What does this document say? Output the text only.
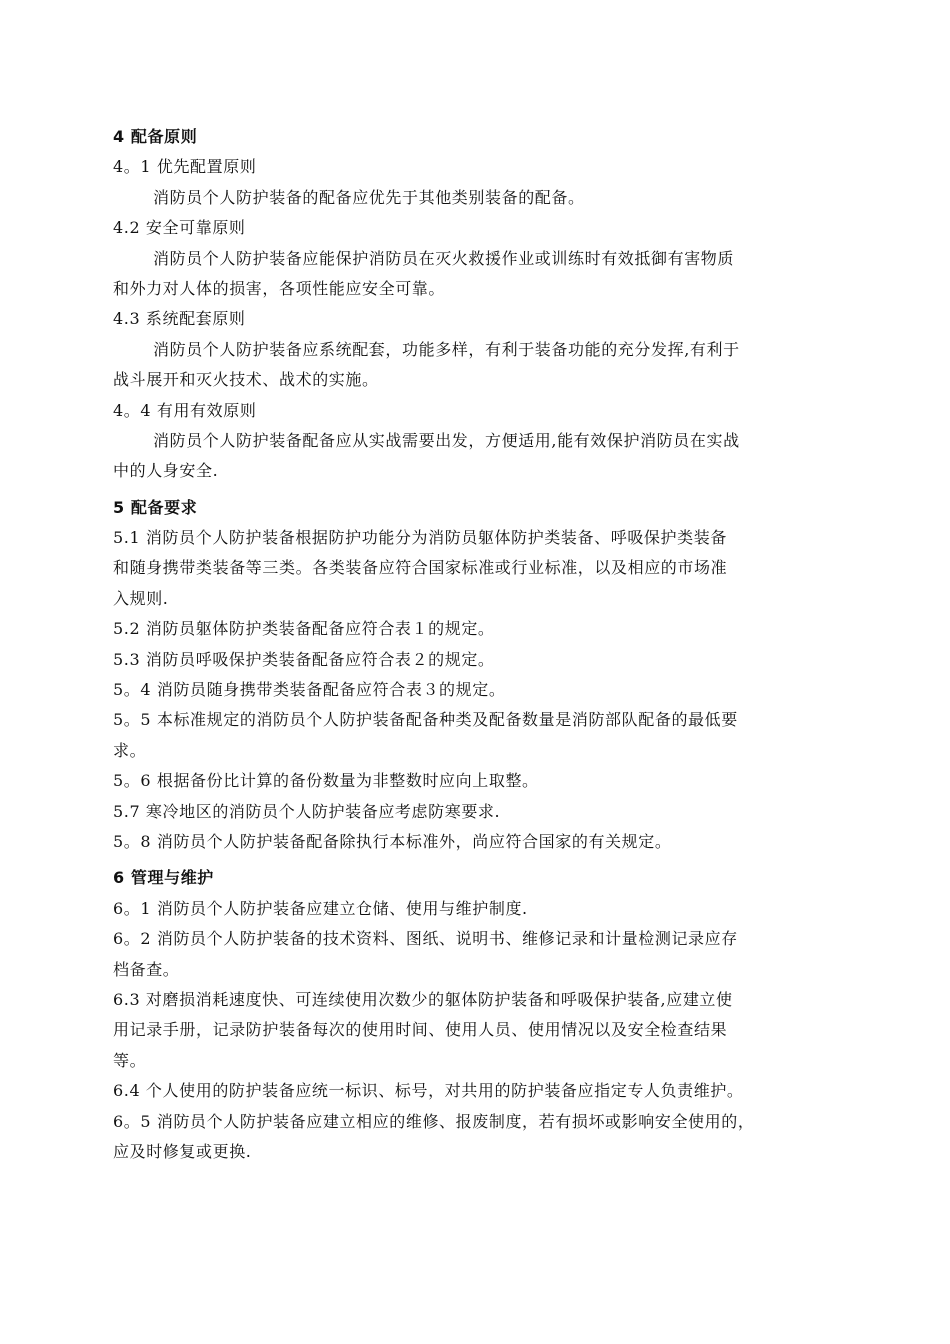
4 配备原则
4。1 优先配置原则
消防员个人防护装备的配备应优先于其他类别装备的配备。
4.2 安全可靠原则
消防员个人防护装备应能保护消防员在灭火救援作业或训练时有效抵御有害物质
和外力对人体的损害，各项性能应安全可靠。
4.3 系统配套原则
消防员个人防护装备应系统配套，功能多样，有利于装备功能的充分发挥,有利于
战斗展开和灭火技术、战术的实施。
4。4 有用有效原则
消防员个人防护装备配备应从实战需要出发，方便适用,能有效保护消防员在实战
中的人身安全.
5 配备要求
5.1 消防员个人防护装备根据防护功能分为消防员躯体防护类装备、呼吸保护类装备
和随身携带类装备等三类。各类装备应符合国家标准或行业标准，以及相应的市场准
入规则.
5.2 消防员躯体防护类装备配备应符合表１的规定。
5.3 消防员呼吸保护类装备配备应符合表２的规定。
5。4 消防员随身携带类装备配备应符合表３的规定。
5。5 本标准规定的消防员个人防护装备配备种类及配备数量是消防部队配备的最低要
求。
5。6 根据备份比计算的备份数量为非整数时应向上取整。
5.7 寒冷地区的消防员个人防护装备应考虑防寒要求.
5。8 消防员个人防护装备配备除执行本标准外，尚应符合国家的有关规定。
6 管理与维护
6。1 消防员个人防护装备应建立仓储、使用与维护制度.
6。2 消防员个人防护装备的技术资料、图纸、说明书、维修记录和计量检测记录应存
档备查。
6.3 对磨损消耗速度快、可连续使用次数少的躯体防护装备和呼吸保护装备,应建立使
用记录手册，记录防护装备每次的使用时间、使用人员、使用情况以及安全检查结果
等。
6.4 个人使用的防护装备应统一标识、标号，对共用的防护装备应指定专人负责维护。
6。5 消防员个人防护装备应建立相应的维修、报废制度，若有损坏或影响安全使用的，
应及时修复或更换.
